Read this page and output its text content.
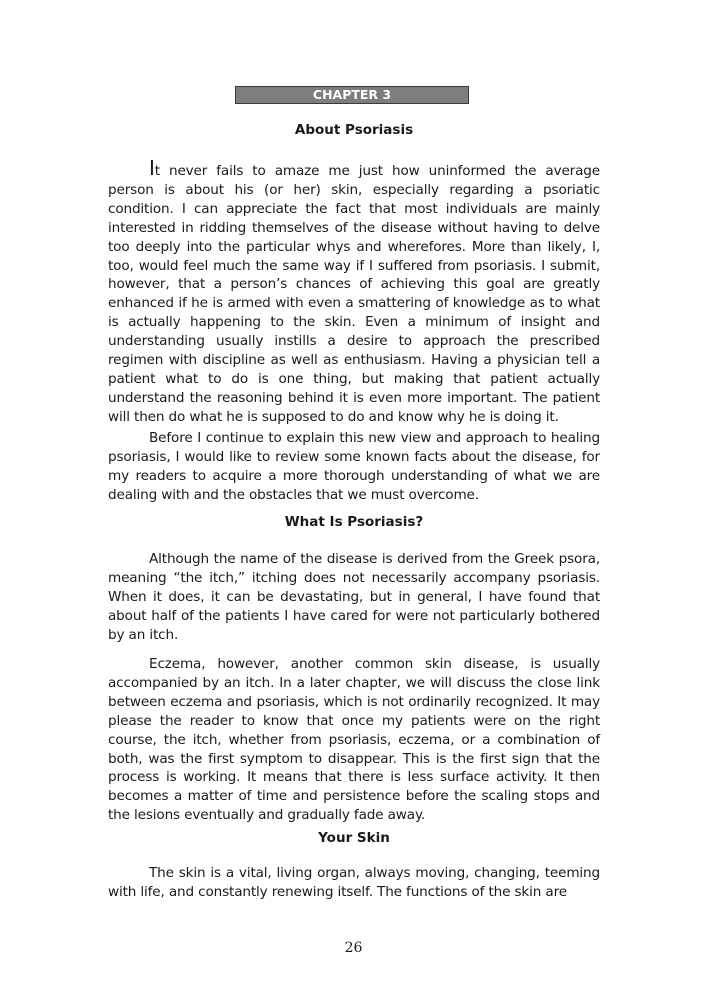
CHAPTER 3
About Psoriasis

It never fails to amaze me just how uninformed the average person is about his (or her) skin, especially regarding a psoriatic condition. I can appreciate the fact that most individuals are mainly interested in ridding themselves of the disease without having to delve too deeply into the particular whys and wherefores. More than likely, I, too, would feel much the same way if I suffered from psoriasis. I submit, however, that a person’s chances of achieving this goal are greatly enhanced if he is armed with even a smattering of knowledge as to what is actually happening to the skin. Even a minimum of insight and understanding usually instills a desire to approach the prescribed regimen with discipline as well as enthusiasm. Having a physician tell a patient what to do is one thing, but making that patient actually understand the reasoning behind it is even more important. The patient will then do what he is supposed to do and know why he is doing it.

Before I continue to explain this new view and approach to healing psoriasis, I would like to review some known facts about the disease, for my readers to acquire a more thorough understanding of what we are dealing with and the obstacles that we must overcome.

What Is Psoriasis?

Although the name of the disease is derived from the Greek psora, meaning “the itch,” itching does not necessarily accompany psoriasis. When it does, it can be devastating, but in general, I have found that about half of the patients I have cared for were not particularly bothered by an itch.

Eczema, however, another common skin disease, is usually accompanied by an itch. In a later chapter, we will discuss the close link between eczema and psoriasis, which is not ordinarily recognized. It may please the reader to know that once my patients were on the right course, the itch, whether from psoriasis, eczema, or a combination of both, was the first symptom to disappear. This is the first sign that the process is working. It means that there is less surface activity. It then becomes a matter of time and persistence before the scaling stops and the lesions eventually and gradually fade away.

Your Skin

The skin is a vital, living organ, always moving, changing, teeming with life, and constantly renewing itself. The functions of the skin are

26
